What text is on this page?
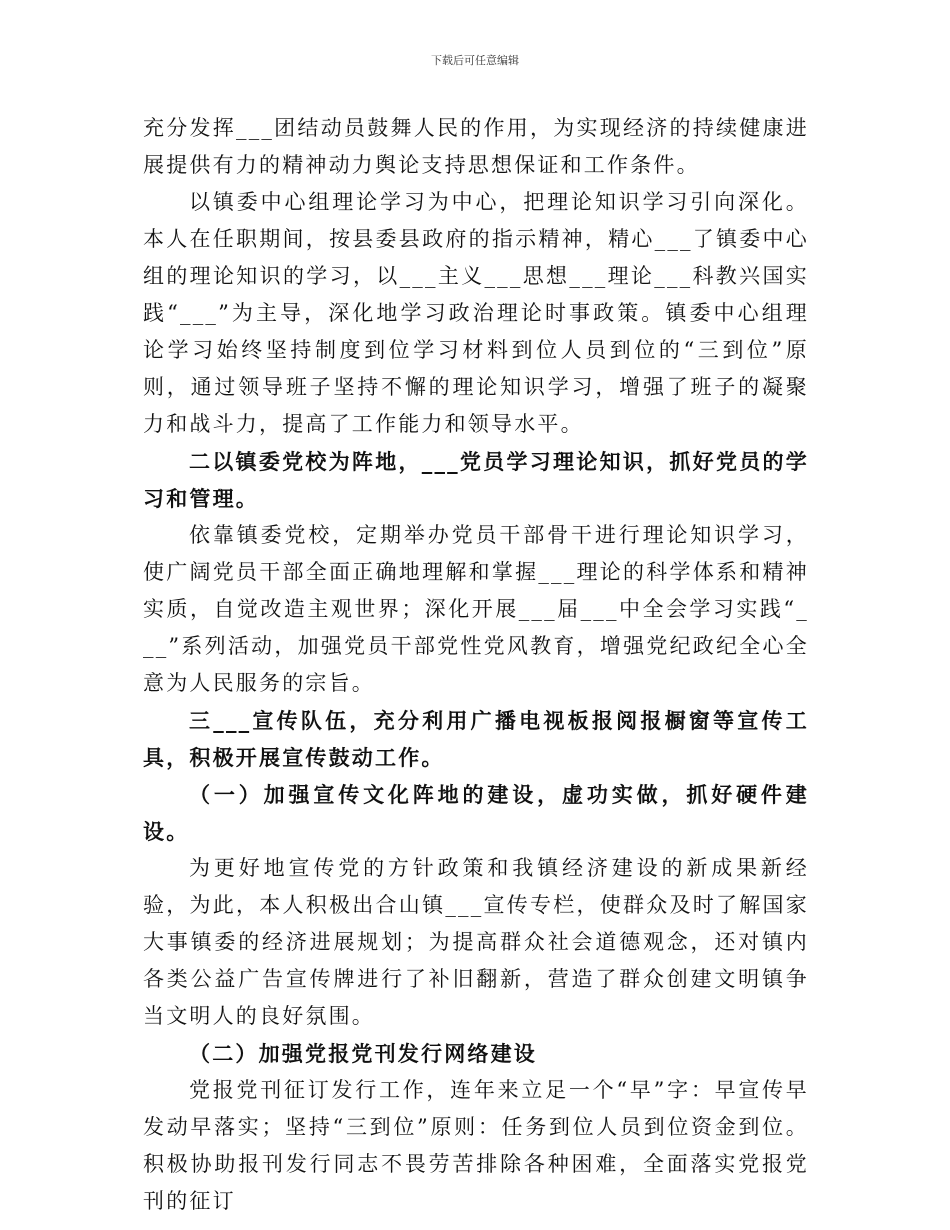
下载后可任意编辑

充分发挥___团结动员鼓舞人民的作用，为实现经济的持续健康进展提供有力的精神动力舆论支持思想保证和工作条件。

以镇委中心组理论学习为中心，把理论知识学习引向深化。本人在任职期间，按县委县政府的指示精神，精心___了镇委中心组的理论知识的学习，以___主义___思想___理论___科教兴国实践“___”为主导，深化地学习政治理论时事政策。镇委中心组理论学习始终坚持制度到位学习材料到位人员到位的“三到位”原则，通过领导班子坚持不懈的理论知识学习，增强了班子的凝聚力和战斗力，提高了工作能力和领导水平。

二以镇委党校为阵地，___党员学习理论知识，抓好党员的学习和管理。

依靠镇委党校，定期举办党员干部骨干进行理论知识学习，使广阔党员干部全面正确地理解和掌握___理论的科学体系和精神实质，自觉改造主观世界；深化开展___届___中全会学习实践“___”系列活动，加强党员干部党性党风教育，增强党纪政纪全心全意为人民服务的宗旨。

三___宣传队伍，充分利用广播电视板报阅报橱窗等宣传工具，积极开展宣传鼓动工作。

（一）加强宣传文化阵地的建设，虚功实做，抓好硬件建设。

为更好地宣传党的方针政策和我镇经济建设的新成果新经验，为此，本人积极出合山镇___宣传专栏，使群众及时了解国家大事镇委的经济进展规划；为提高群众社会道德观念，还对镇内各类公益广告宣传牌进行了补旧翻新，营造了群众创建文明镇争当文明人的良好氛围。

（二）加强党报党刊发行网络建设

党报党刊征订发行工作，连年来立足一个“早”字：早宣传早发动早落实；坚持“三到位”原则：任务到位人员到位资金到位。积极协助报刊发行同志不畏劳苦排除各种困难，全面落实党报党刊的征订
